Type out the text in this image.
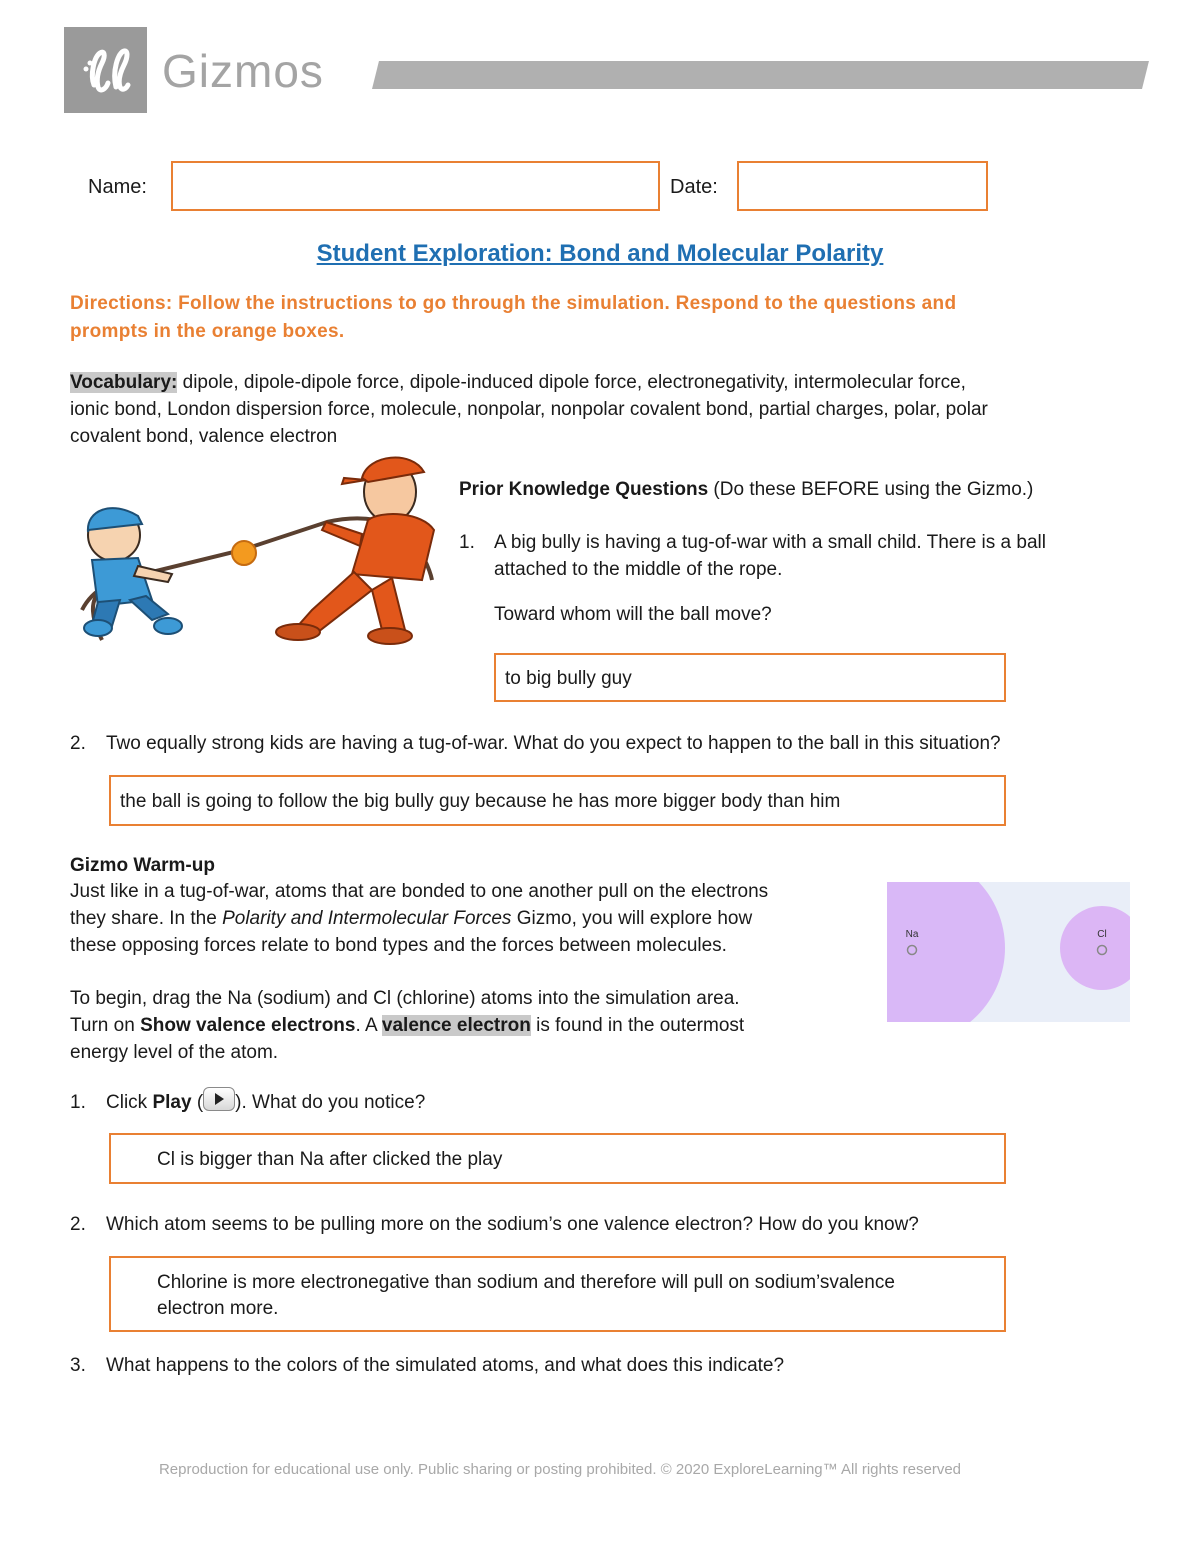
Gizmos
Name:	Date:
Student Exploration: Bond and Molecular Polarity
Directions: Follow the instructions to go through the simulation. Respond to the questions and
prompts in the orange boxes.
Vocabulary: dipole, dipole-dipole force, dipole-induced dipole force, electronegativity, intermolecular force,
ionic bond, London dispersion force, molecule, nonpolar, nonpolar covalent bond, partial charges, polar, polar
covalent bond, valence electron
Prior Knowledge Questions (Do these BEFORE using the Gizmo.)
1. A big bully is having a tug-of-war with a small child. There is a ball
attached to the middle of the rope.
Toward whom will the ball move?
to big bully guy
2. Two equally strong kids are having a tug-of-war. What do you expect to happen to the ball in this situation?
the ball is going to follow the big bully guy because he has more bigger body than him
Gizmo Warm-up
Just like in a tug-of-war, atoms that are bonded to one another pull on the electrons
they share. In the Polarity and Intermolecular Forces Gizmo, you will explore how
these opposing forces relate to bond types and the forces between molecules.
To begin, drag the Na (sodium) and Cl (chlorine) atoms into the simulation area.
Turn on Show valence electrons. A valence electron is found in the outermost
energy level of the atom.
Na	Cl
1. Click Play ( ). What do you notice?
Cl is bigger than Na after clicked the play
2. Which atom seems to be pulling more on the sodium’s one valence electron? How do you know?
Chlorine is more electronegative than sodium and therefore will pull on sodium’svalence
electron more.
3. What happens to the colors of the simulated atoms, and what does this indicate?
Reproduction for educational use only. Public sharing or posting prohibited. © 2020 ExploreLearning™ All rights reserved
